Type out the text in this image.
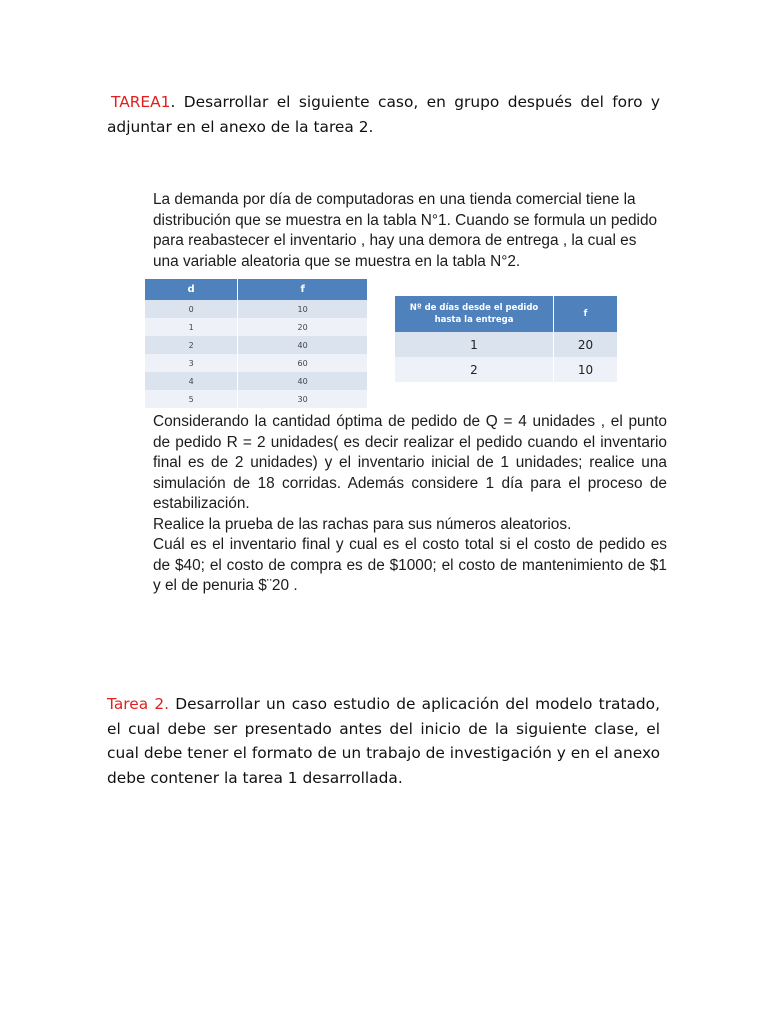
TAREA1. Desarrollar el siguiente caso, en grupo después del foro y adjuntar en el anexo de la tarea 2.

La demanda por día de computadoras en una tienda comercial tiene la distribución que se muestra en la tabla N°1. Cuando se formula un pedido para reabastecer el inventario , hay una demora de entrega , la cual es una variable aleatoria que se muestra en la tabla N°2.
d	f
0	10
1	20
2	40
3	60
4	40
5	30
Nº de días desde el pedido hasta la entrega	f
1	20
2	10
Considerando la cantidad óptima de pedido de Q = 4 unidades , el punto de pedido R = 2 unidades( es decir realizar el pedido cuando el inventario final es de 2 unidades) y el inventario inicial de 1 unidades; realice una simulación de 18 corridas. Además considere 1 día para el proceso de estabilización.
Realice la prueba de las rachas para sus números aleatorios.
Cuál es el inventario final y cual es el costo total si el costo de pedido es de $40; el costo de compra es de $1000; el costo de mantenimiento de $1 y el de penuria $¨20 .

Tarea 2. Desarrollar un caso estudio de aplicación del modelo tratado, el cual debe ser presentado antes del inicio de la siguiente clase, el cual debe tener el formato de un trabajo de investigación y en el anexo debe contener la tarea 1 desarrollada.
